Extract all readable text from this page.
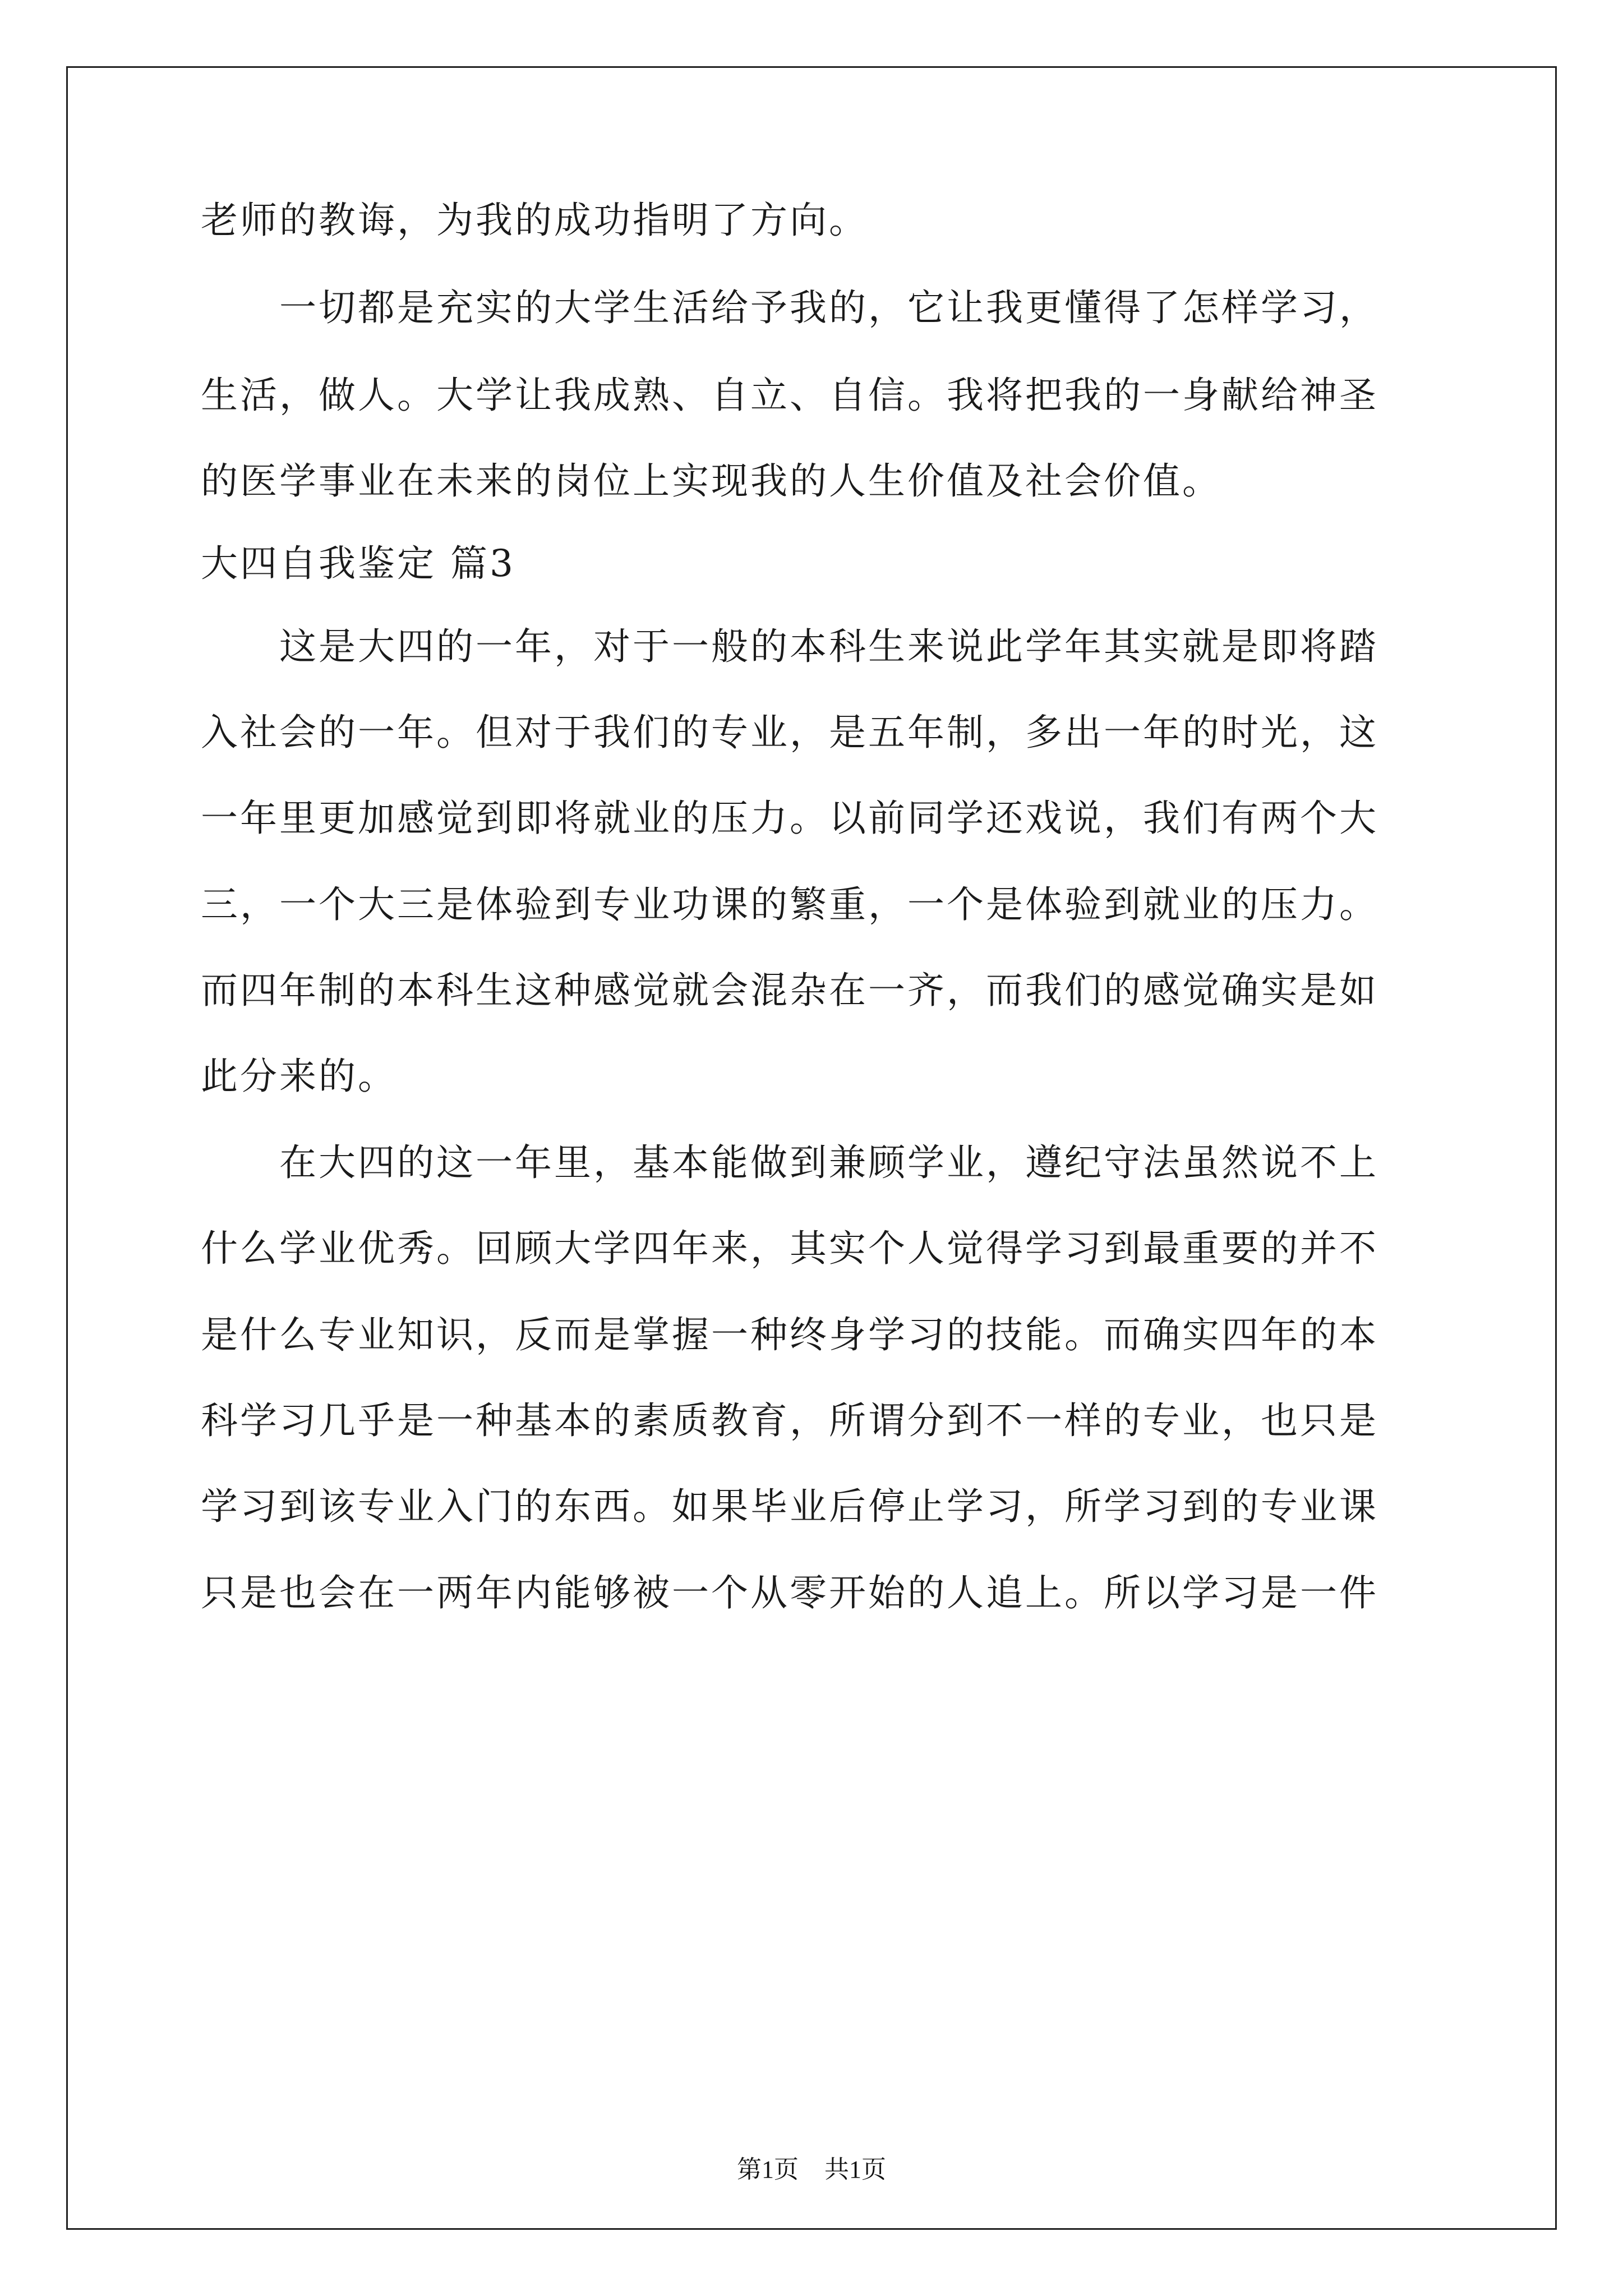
老师的教诲，为我的成功指明了方向。
　　一切都是充实的大学生活给予我的，它让我更懂得了怎样学习，
生活，做人。大学让我成熟、自立、自信。我将把我的一身献给神圣
的医学事业在未来的岗位上实现我的人生价值及社会价值。
大四自我鉴定 篇3
　　这是大四的一年，对于一般的本科生来说此学年其实就是即将踏
入社会的一年。但对于我们的专业，是五年制，多出一年的时光，这
一年里更加感觉到即将就业的压力。以前同学还戏说，我们有两个大
三，一个大三是体验到专业功课的繁重，一个是体验到就业的压力。
而四年制的本科生这种感觉就会混杂在一齐，而我们的感觉确实是如
此分来的。
　　在大四的这一年里，基本能做到兼顾学业，遵纪守法虽然说不上
什么学业优秀。回顾大学四年来，其实个人觉得学习到最重要的并不
是什么专业知识，反而是掌握一种终身学习的技能。而确实四年的本
科学习几乎是一种基本的素质教育，所谓分到不一样的专业，也只是
学习到该专业入门的东西。如果毕业后停止学习，所学习到的专业课
只是也会在一两年内能够被一个从零开始的人追上。所以学习是一件
第1页 共1页
